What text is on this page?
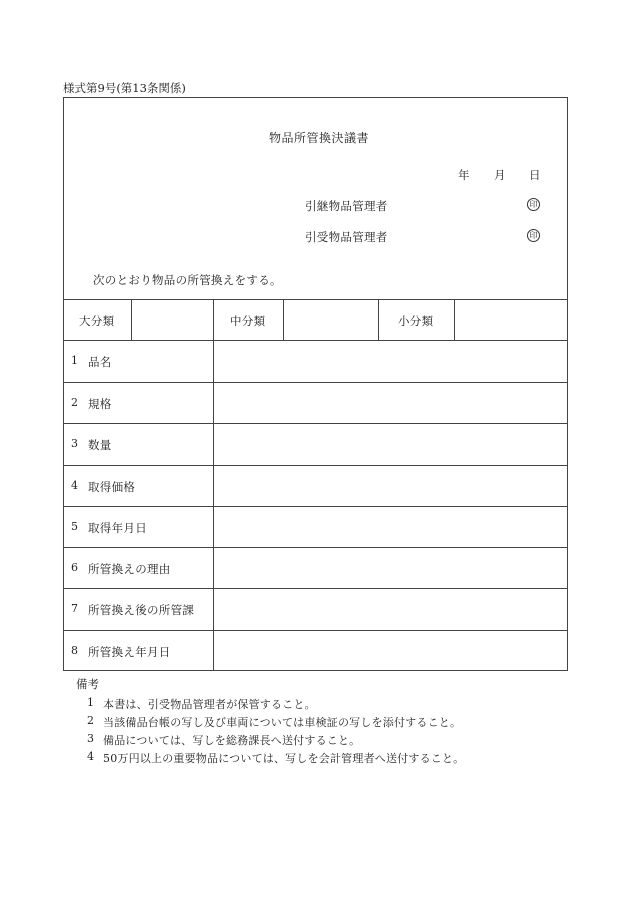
様式第9号(第13条関係)
物品所管換決議書
年 月 日
引継物品管理者	印
引受物品管理者	印
次のとおり物品の所管換えをする。
大分類	中分類	小分類
1 品名
2 規格
3 数量
4 取得価格
5 取得年月日
6 所管換えの理由
7 所管換え後の所管課
8 所管換え年月日
備考
1 本書は、引受物品管理者が保管すること。
2 当該備品台帳の写し及び車両については車検証の写しを添付すること。
3 備品については、写しを総務課長へ送付すること。
4 50万円以上の重要物品については、写しを会計管理者へ送付すること。
